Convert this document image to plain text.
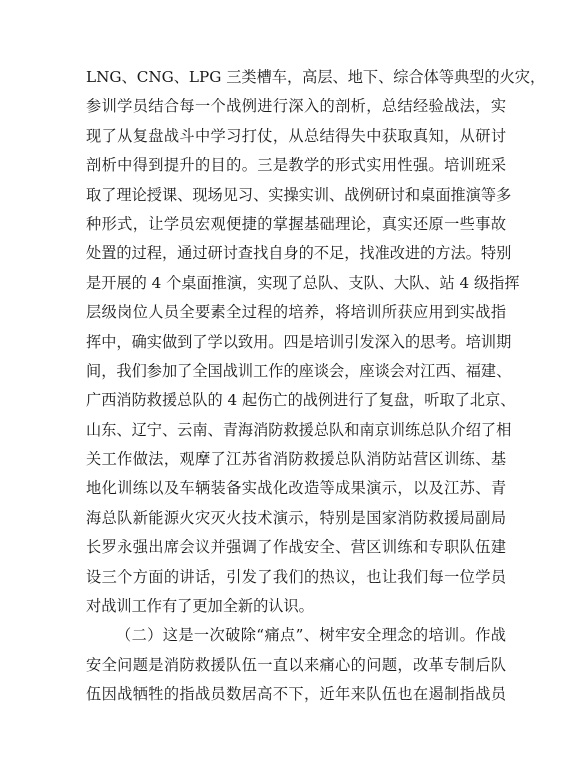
LNG、CNG、LPG 三类槽车，高层、地下、综合体等典型的火灾，
参训学员结合每一个战例进行深入的剖析，总结经验战法，实
现了从复盘战斗中学习打仗，从总结得失中获取真知，从研讨
剖析中得到提升的目的。三是教学的形式实用性强。培训班采
取了理论授课、现场见习、实操实训、战例研讨和桌面推演等多
种形式，让学员宏观便捷的掌握基础理论，真实还原一些事故
处置的过程，通过研讨查找自身的不足，找准改进的方法。特别
是开展的 4 个桌面推演，实现了总队、支队、大队、站 4 级指挥
层级岗位人员全要素全过程的培养，将培训所获应用到实战指
挥中，确实做到了学以致用。四是培训引发深入的思考。培训期
间，我们参加了全国战训工作的座谈会，座谈会对江西、福建、
广西消防救援总队的 4 起伤亡的战例进行了复盘，听取了北京、
山东、辽宁、云南、青海消防救援总队和南京训练总队介绍了相
关工作做法，观摩了江苏省消防救援总队消防站营区训练、基
地化训练以及车辆装备实战化改造等成果演示，以及江苏、青
海总队新能源火灾灭火技术演示，特别是国家消防救援局副局
长罗永强出席会议并强调了作战安全、营区训练和专职队伍建
设三个方面的讲话，引发了我们的热议，也让我们每一位学员
对战训工作有了更加全新的认识。
（二）这是一次破除“痛点”、树牢安全理念的培训。作战
安全问题是消防救援队伍一直以来痛心的问题，改革专制后队
伍因战牺牲的指战员数居高不下，近年来队伍也在遏制指战员
